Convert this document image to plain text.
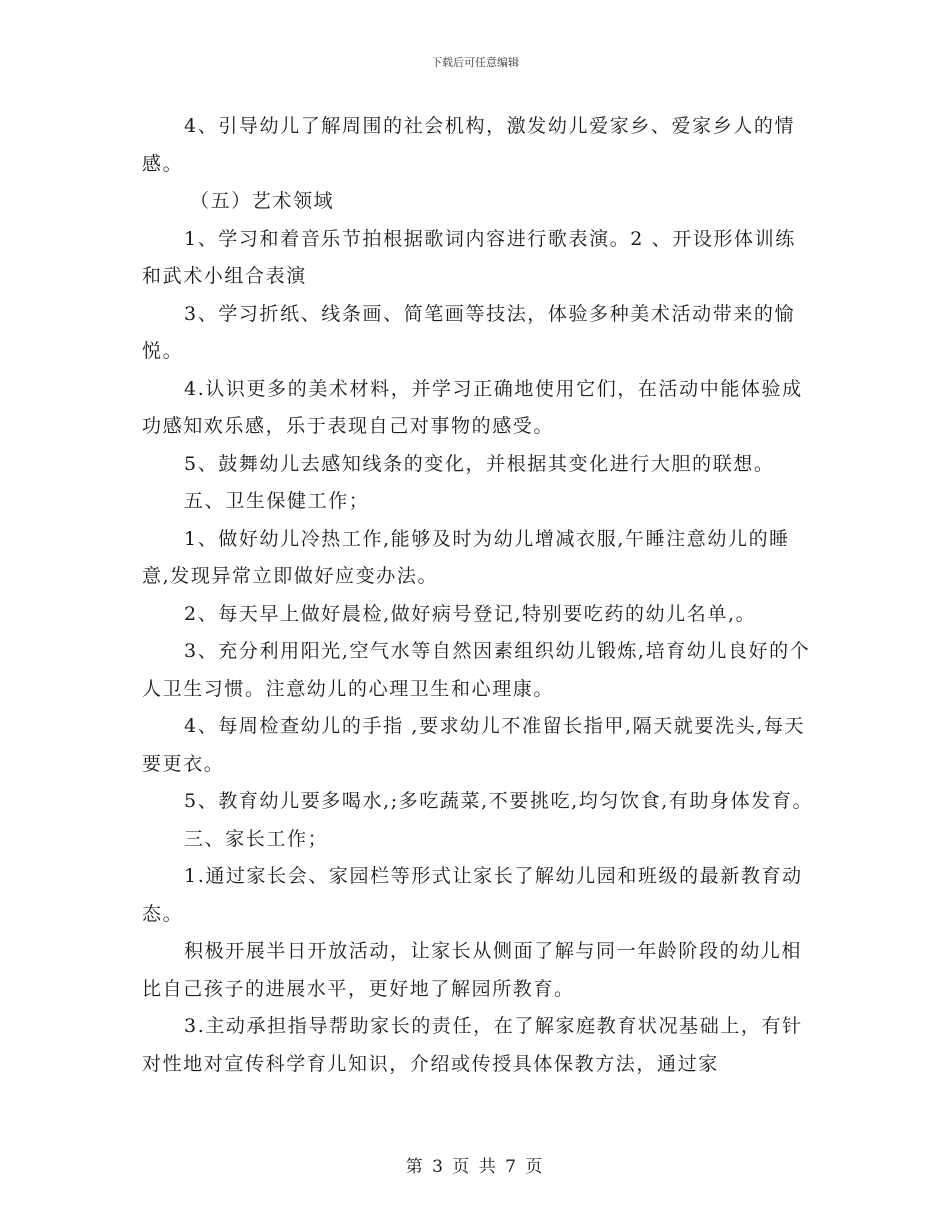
下载后可任意编辑

4、引导幼儿了解周围的社会机构，激发幼儿爱家乡、爱家乡人的情感。

（五）艺术领域

1、学习和着音乐节拍根据歌词内容进行歌表演。2 、开设形体训练和武术小组合表演

3、学习折纸、线条画、简笔画等技法，体验多种美术活动带来的愉悦。

4.认识更多的美术材料，并学习正确地使用它们，在活动中能体验成功感知欢乐感，乐于表现自己对事物的感受。

5、鼓舞幼儿去感知线条的变化，并根据其变化进行大胆的联想。

五、卫生保健工作；

1、做好幼儿冷热工作,能够及时为幼儿增减衣服,午睡注意幼儿的睡意,发现异常立即做好应变办法。

2、每天早上做好晨检,做好病号登记,特别要吃药的幼儿名单,。

3、充分利用阳光,空气水等自然因素组织幼儿锻炼,培育幼儿良好的个人卫生习惯。注意幼儿的心理卫生和心理康。

4、每周检查幼儿的手指 ,要求幼儿不准留长指甲,隔天就要洗头,每天要更衣。

5、教育幼儿要多喝水,;多吃蔬菜,不要挑吃,均匀饮食,有助身体发育。

三、家长工作；

1.通过家长会、家园栏等形式让家长了解幼儿园和班级的最新教育动态。

积极开展半日开放活动，让家长从侧面了解与同一年龄阶段的幼儿相比自己孩子的进展水平，更好地了解园所教育。

3.主动承担指导帮助家长的责任，在了解家庭教育状况基础上，有针对性地对宣传科学育儿知识，介绍或传授具体保教方法，通过家

第 3 页 共 7 页
